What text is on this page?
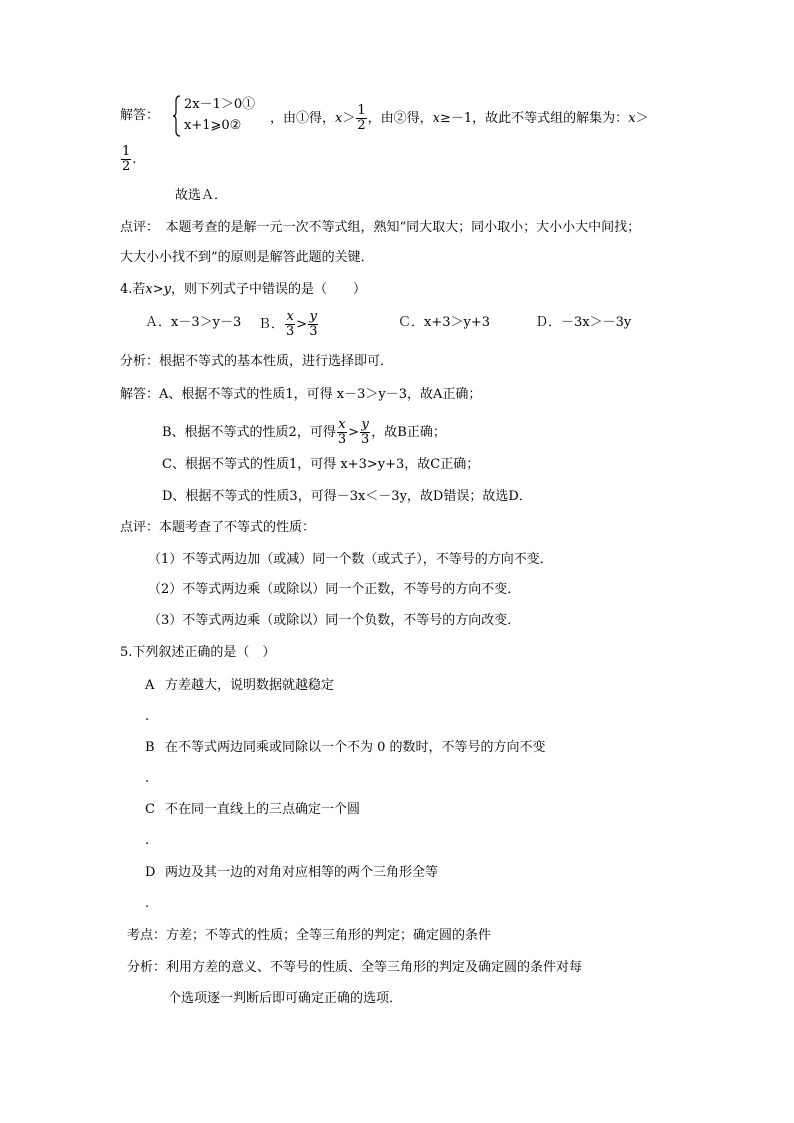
解答：
2x－1＞0①
x+1⩾0② ，由①得，$x> \frac{1}{2}$ ，由②得，x≥－1，故此不等式组的解集为：x＞
$\frac{1}{2}$ .
故选Ａ．
点评：　 本题考查的是解一元一次不等式组，熟知“同大取大；同小取小；大小小大中间找；
大大小小找不到”的原则是解答此题的关键．
4.若x>y，则下列式子中错误的是（　　）
Ａ．x－3＞y－3 Ｂ． $\frac{x}{3} > \frac{y}{3}$	Ｃ．x+3＞y+3	Ｄ．－3x＞－3y
分析：根据不等式的基本性质，进行选择即可．
解答：A、根据不等式的性质1，可得 x－3＞y－3，故A正确；
B、根据不等式的性质2，可得 $\frac{x}{3} > \frac{y}{3}$ ，故B正确；
C、根据不等式的性质1，可得 x+3>y+3，故C正确；
D、根据不等式的性质3，可得－3x＜－3y，故D错误；故选D．
点评：本题考查了不等式的性质：
（1）不等式两边加（或减）同一个数（或式子），不等号的方向不变．
（2）不等式两边乘（或除以）同一个正数，不等号的方向不变．
（3）不等式两边乘（或除以）同一个负数，不等号的方向改变．
5.下列叙述正确的是（　）
A 方差越大，说明数据就越稳定
.
B 在不等式两边同乘或同除以一个不为 0 的数时，不等号的方向不变
.
C 不在同一直线上的三点确定一个圆
.
D 两边及其一边的对角对应相等的两个三角形全等
.
考点：方差；不等式的性质；全等三角形的判定；确定圆的条件
分析：利用方差的意义、不等号的性质、全等三角形的判定及确定圆的条件对每
个选项逐一判断后即可确定正确的选项．
